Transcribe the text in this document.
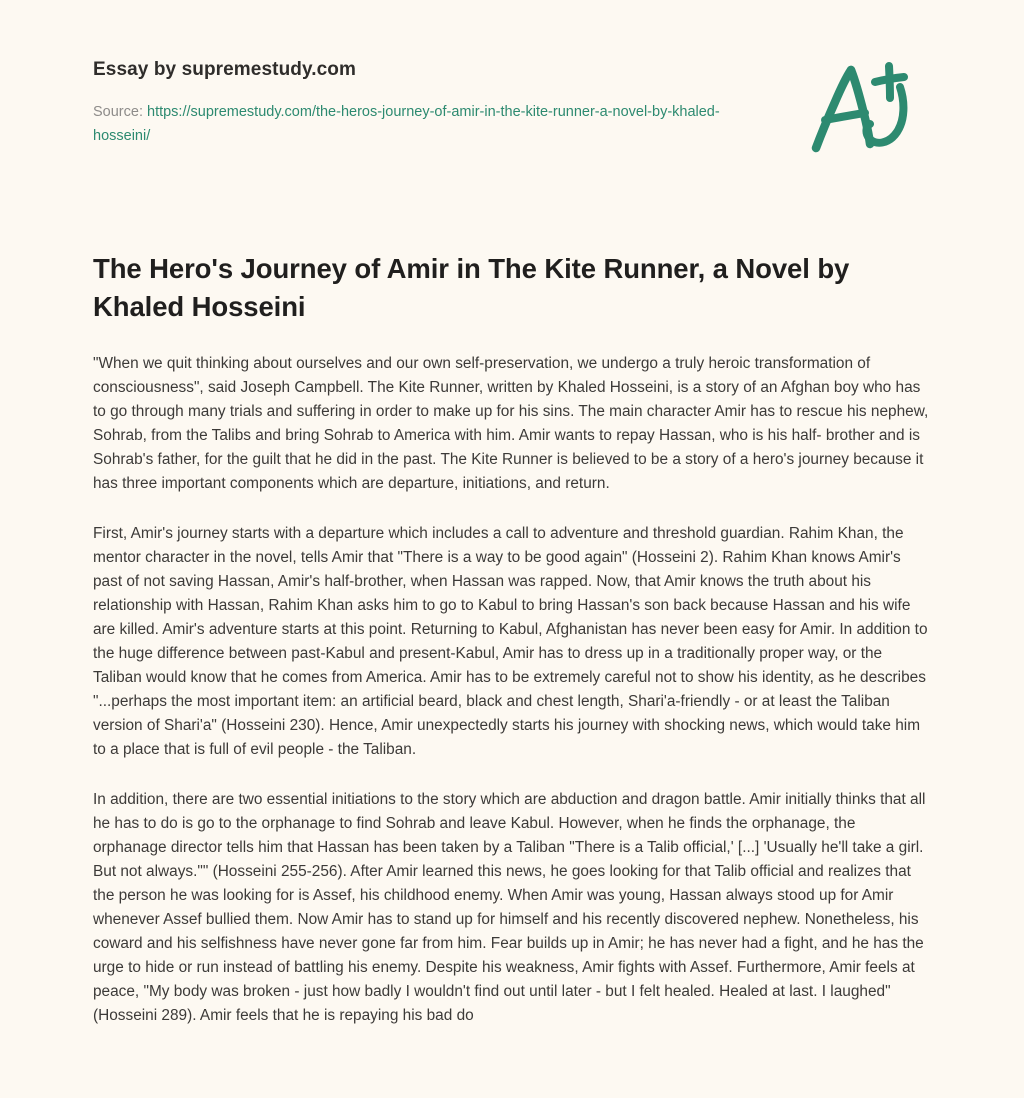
Essay by supremestudy.com

Source: https://supremestudy.com/the-heros-journey-of-amir-in-the-kite-runner-a-novel-by-khaled-hosseini/

The Hero's Journey of Amir in The Kite Runner, a Novel by Khaled Hosseini

"When we quit thinking about ourselves and our own self-preservation, we undergo a truly heroic transformation of consciousness", said Joseph Campbell. The Kite Runner, written by Khaled Hosseini, is a story of an Afghan boy who has to go through many trials and suffering in order to make up for his sins. The main character Amir has to rescue his nephew, Sohrab, from the Talibs and bring Sohrab to America with him. Amir wants to repay Hassan, who is his half- brother and is Sohrab's father, for the guilt that he did in the past. The Kite Runner is believed to be a story of a hero's journey because it has three important components which are departure, initiations, and return.

First, Amir's journey starts with a departure which includes a call to adventure and threshold guardian. Rahim Khan, the mentor character in the novel, tells Amir that "There is a way to be good again" (Hosseini 2). Rahim Khan knows Amir's past of not saving Hassan, Amir's half-brother, when Hassan was rapped. Now, that Amir knows the truth about his relationship with Hassan, Rahim Khan asks him to go to Kabul to bring Hassan's son back because Hassan and his wife are killed. Amir's adventure starts at this point. Returning to Kabul, Afghanistan has never been easy for Amir. In addition to the huge difference between past-Kabul and present-Kabul, Amir has to dress up in a traditionally proper way, or the Taliban would know that he comes from America. Amir has to be extremely careful not to show his identity, as he describes "...perhaps the most important item: an artificial beard, black and chest length, Shari'a-friendly - or at least the Taliban version of Shari'a" (Hosseini 230). Hence, Amir unexpectedly starts his journey with shocking news, which would take him to a place that is full of evil people - the Taliban.

In addition, there are two essential initiations to the story which are abduction and dragon battle. Amir initially thinks that all he has to do is go to the orphanage to find Sohrab and leave Kabul. However, when he finds the orphanage, the orphanage director tells him that Hassan has been taken by a Taliban "There is a Talib official,' [...] 'Usually he'll take a girl. But not always."" (Hosseini 255-256). After Amir learned this news, he goes looking for that Talib official and realizes that the person he was looking for is Assef, his childhood enemy. When Amir was young, Hassan always stood up for Amir whenever Assef bullied them. Now Amir has to stand up for himself and his recently discovered nephew. Nonetheless, his coward and his selfishness have never gone far from him. Fear builds up in Amir; he has never had a fight, and he has the urge to hide or run instead of battling his enemy. Despite his weakness, Amir fights with Assef. Furthermore, Amir feels at peace, "My body was broken - just how badly I wouldn't find out until later - but I felt healed. Healed at last. I laughed" (Hosseini 289). Amir feels that he is repaying his bad do
